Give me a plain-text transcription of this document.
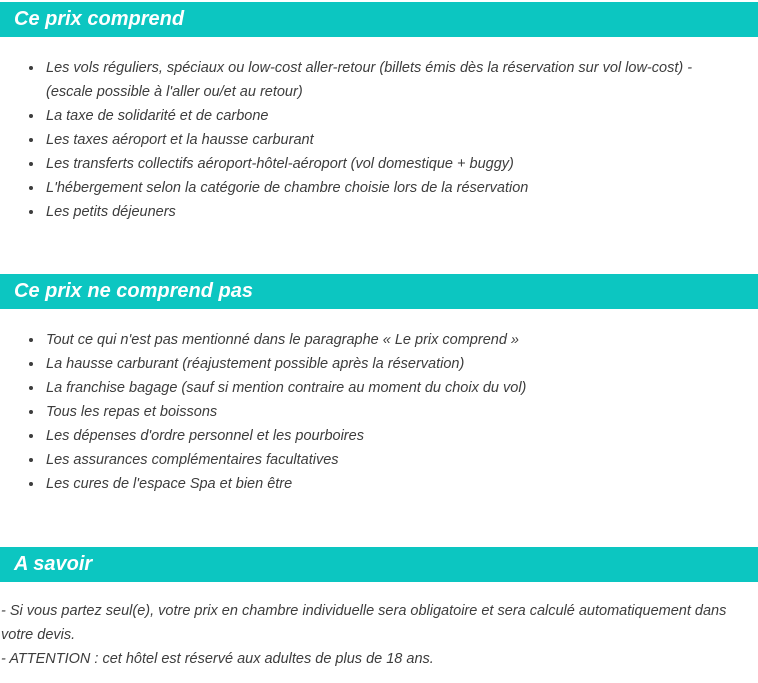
Ce prix comprend
• Les vols réguliers, spéciaux ou low-cost aller-retour (billets émis dès la réservation sur vol low-cost) - (escale possible à l'aller ou/et au retour)
• La taxe de solidarité et de carbone
• Les taxes aéroport et la hausse carburant
• Les transferts collectifs aéroport-hôtel-aéroport (vol domestique + buggy)
• L'hébergement selon la catégorie de chambre choisie lors de la réservation
• Les petits déjeuners
Ce prix ne comprend pas
• Tout ce qui n'est pas mentionné dans le paragraphe « Le prix comprend »
• La hausse carburant (réajustement possible après la réservation)
• La franchise bagage (sauf si mention contraire au moment du choix du vol)
• Tous les repas et boissons
• Les dépenses d'ordre personnel et les pourboires
• Les assurances complémentaires facultatives
• Les cures de l'espace Spa et bien être
A savoir

- Si vous partez seul(e), votre prix en chambre individuelle sera obligatoire et sera calculé automatiquement dans votre devis.

- ATTENTION : cet hôtel est réservé aux adultes de plus de 18 ans.
